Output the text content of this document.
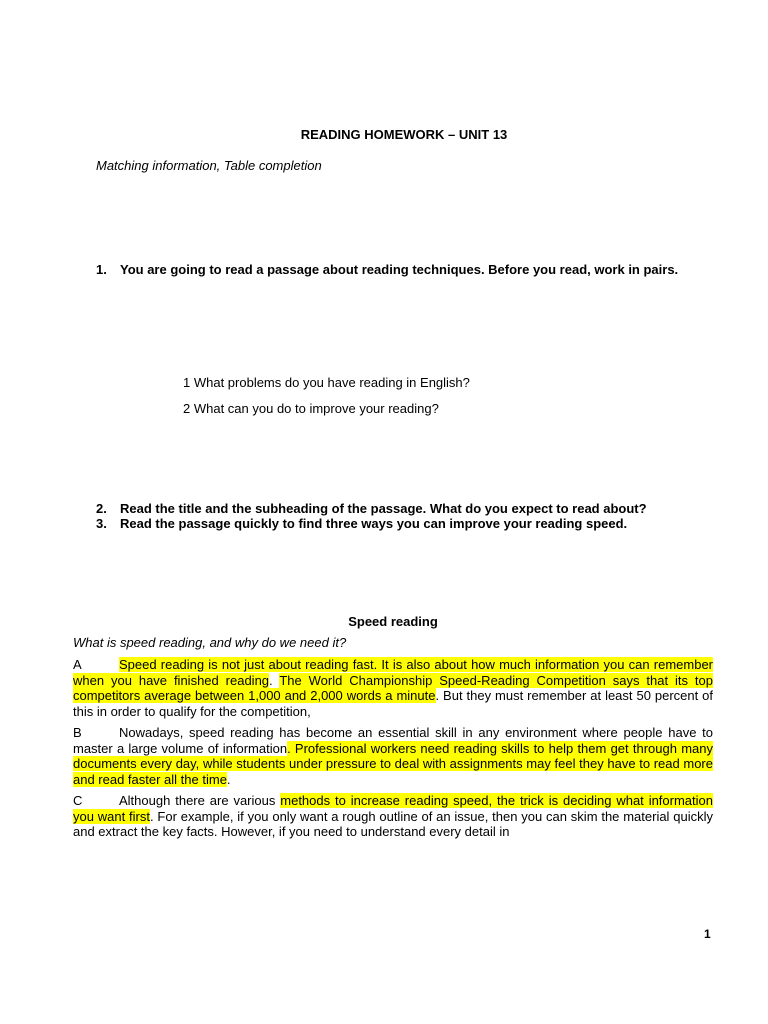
READING HOMEWORK – UNIT 13
Matching information, Table completion
1. You are going to read a passage about reading techniques. Before you read, work in pairs.
1 What problems do you have reading in English?
2 What can you do to improve your reading?
2. Read the title and the subheading of the passage. What do you expect to read about?
3. Read the passage quickly to find three ways you can improve your reading speed.
Speed reading
What is speed reading, and why do we need it?
A	Speed reading is not just about reading fast. It is also about how much information you can remember when you have finished reading. The World Championship Speed-Reading Competition says that its top competitors average between 1,000 and 2,000 words a minute. But they must remember at least 50 percent of this in order to qualify for the competition,
B	Nowadays, speed reading has become an essential skill in any environment where people have to master a large volume of information. Professional workers need reading skills to help them get through many documents every day, while students under pressure to deal with assignments may feel they have to read more and read faster all the time.
C	Although there are various methods to increase reading speed, the trick is deciding what information you want first. For example, if you only want a rough outline of an issue, then you can skim the material quickly and extract the key facts. However, if you need to understand every detail in
1
